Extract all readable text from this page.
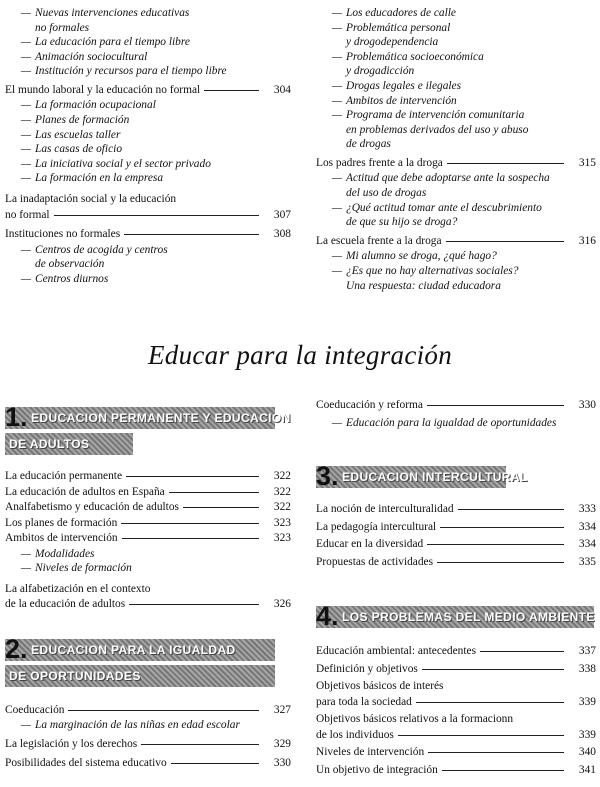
— Nuevas intervenciones educativas
no formales
— La educación para el tiempo libre
— Animación sociocultural
— Institución y recursos para el tiempo libre
El mundo laboral y la educación no formal	304
— La formación ocupacional
— Planes de formación
— Las escuelas taller
— Las casas de oficio
— La iniciativa social y el sector privado
— La formación en la empresa
La inadaptación social y la educación
no formal	307
Instituciones no formales	308
— Centros de acogida y centros
de observación
— Centros diurnos
— Los educadores de calle
— Problemática personal
y drogodependencia
— Problemática socioeconómica
y drogadicción
— Drogas legales e ilegales
— Ambitos de intervención
— Programa de intervención comunitaria
en problemas derivados del uso y abuso
de drogas
Los padres frente a la droga	315
— Actitud que debe adoptarse ante la sospecha
del uso de drogas
— ¿Qué actitud tomar ante el descubrimiento
de que su hijo se droga?
La escuela frente a la droga	316
— Mi alumno se droga, ¿qué hago?
— ¿Es que no hay alternativas sociales?
Una respuesta: ciudad educadora
Educar para la integración
1. EDUCACION PERMANENTE Y EDUCACION
DE ADULTOS
La educación permanente	322
La educación de adultos en España	322
Analfabetismo y educación de adultos	322
Los planes de formación	323
Ambitos de intervención	323
— Modalidades
— Niveles de formación
La alfabetización en el contexto
de la educación de adultos	326
2. EDUCACION PARA LA IGUALDAD
DE OPORTUNIDADES
Coeducación	327
— La marginación de las niñas en edad escolar
La legislación y los derechos	329
Posibilidades del sistema educativo	330
Coeducación y reforma	330
— Educación para la igualdad de oportunidades
3. EDUCACION INTERCULTURAL
La noción de interculturalidad	333
La pedagogía intercultural	334
Educar en la diversidad	334
Propuestas de actividades	335
4. LOS PROBLEMAS DEL MEDIO AMBIENTE
Educación ambiental: antecedentes	337
Definición y objetivos	338
Objetivos básicos de interés
para toda la sociedad	339
Objetivos básicos relativos a la formacionn
de los individuos	339
Niveles de intervención	340
Un objetivo de integración	341
